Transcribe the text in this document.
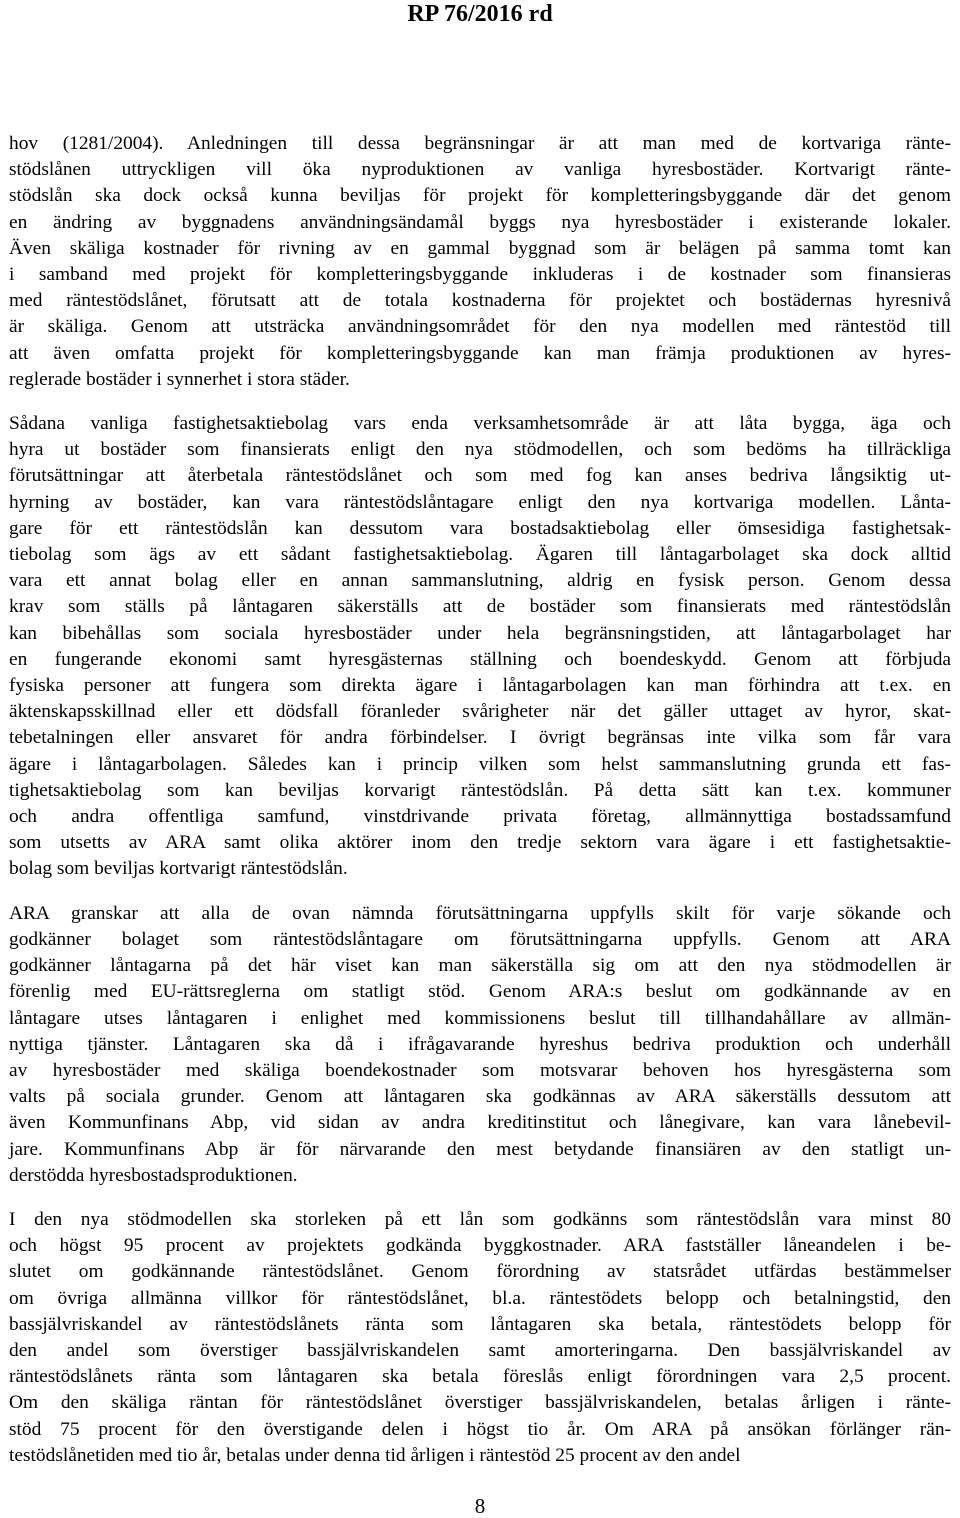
RP 76/2016 rd
hov (1281/2004). Anledningen till dessa begränsningar är att man med de kortvariga ränte-
stödslånen uttryckligen vill öka nyproduktionen av vanliga hyresbostäder. Kortvarigt ränte-
stödslån ska dock också kunna beviljas för projekt för kompletteringsbyggande där det genom
en ändring av byggnadens användningsändamål byggs nya hyresbostäder i existerande lokaler.
Även skäliga kostnader för rivning av en gammal byggnad som är belägen på samma tomt kan
i samband med projekt för kompletteringsbyggande inkluderas i de kostnader som finansieras
med räntestödslånet, förutsatt att de totala kostnaderna för projektet och bostädernas hyresnivå
är skäliga. Genom att utsträcka användningsområdet för den nya modellen med räntestöd till
att även omfatta projekt för kompletteringsbyggande kan man främja produktionen av hyres-
reglerade bostäder i synnerhet i stora städer.
Sådana vanliga fastighetsaktiebolag vars enda verksamhetsområde är att låta bygga, äga och
hyra ut bostäder som finansierats enligt den nya stödmodellen, och som bedöms ha tillräckliga
förutsättningar att återbetala räntestödslånet och som med fog kan anses bedriva långsiktig ut-
hyrning av bostäder, kan vara räntestödslåntagare enligt den nya kortvariga modellen. Lånta-
gare för ett räntestödslån kan dessutom vara bostadsaktiebolag eller ömsesidiga fastighetsak-
tiebolag som ägs av ett sådant fastighetsaktiebolag. Ägaren till låntagarbolaget ska dock alltid
vara ett annat bolag eller en annan sammanslutning, aldrig en fysisk person. Genom dessa
krav som ställs på låntagaren säkerställs att de bostäder som finansierats med räntestödslån
kan bibehållas som sociala hyresbostäder under hela begränsningstiden, att låntagarbolaget har
en fungerande ekonomi samt hyresgästernas ställning och boendeskydd. Genom att förbjuda
fysiska personer att fungera som direkta ägare i låntagarbolagen kan man förhindra att t.ex. en
äktenskapsskillnad eller ett dödsfall föranleder svårigheter när det gäller uttaget av hyror, skat-
tebetalningen eller ansvaret för andra förbindelser. I övrigt begränsas inte vilka som får vara
ägare i låntagarbolagen. Således kan i princip vilken som helst sammanslutning grunda ett fas-
tighetsaktiebolag som kan beviljas korvarigt räntestödslån. På detta sätt kan t.ex. kommuner
och andra offentliga samfund, vinstdrivande privata företag, allmännyttiga bostadssamfund
som utsetts av ARA samt olika aktörer inom den tredje sektorn vara ägare i ett fastighetsaktie-
bolag som beviljas kortvarigt räntestödslån.
ARA granskar att alla de ovan nämnda förutsättningarna uppfylls skilt för varje sökande och
godkänner bolaget som räntestödslåntagare om förutsättningarna uppfylls. Genom att ARA
godkänner låntagarna på det här viset kan man säkerställa sig om att den nya stödmodellen är
förenlig med EU-rättsreglerna om statligt stöd. Genom ARA:s beslut om godkännande av en
låntagare utses låntagaren i enlighet med kommissionens beslut till tillhandahållare av allmän-
nyttiga tjänster. Låntagaren ska då i ifrågavarande hyreshus bedriva produktion och underhåll
av hyresbostäder med skäliga boendekostnader som motsvarar behoven hos hyresgästerna som
valts på sociala grunder. Genom att låntagaren ska godkännas av ARA säkerställs dessutom att
även Kommunfinans Abp, vid sidan av andra kreditinstitut och lånegivare, kan vara lånebevil-
jare. Kommunfinans Abp är för närvarande den mest betydande finansiären av den statligt un-
derstödda hyresbostadsproduktionen.
I den nya stödmodellen ska storleken på ett lån som godkänns som räntestödslån vara minst 80
och högst 95 procent av projektets godkända byggkostnader. ARA fastställer låneandelen i be-
slutet om godkännande räntestödslånet. Genom förordning av statsrådet utfärdas bestämmelser
om övriga allmänna villkor för räntestödslånet, bl.a. räntestödets belopp och betalningstid, den
bassjälvriskandel av räntestödslånets ränta som låntagaren ska betala, räntestödets belopp för
den andel som överstiger bassjälvriskandelen samt amorteringarna. Den bassjälvriskandel av
räntestödslånets ränta som låntagaren ska betala föreslås enligt förordningen vara 2,5 procent.
Om den skäliga räntan för räntestödslånet överstiger bassjälvriskandelen, betalas årligen i ränte-
stöd 75 procent för den överstigande delen i högst tio år. Om ARA på ansökan förlänger rän-
testödslånetiden med tio år, betalas under denna tid årligen i räntestöd 25 procent av den andel
8
